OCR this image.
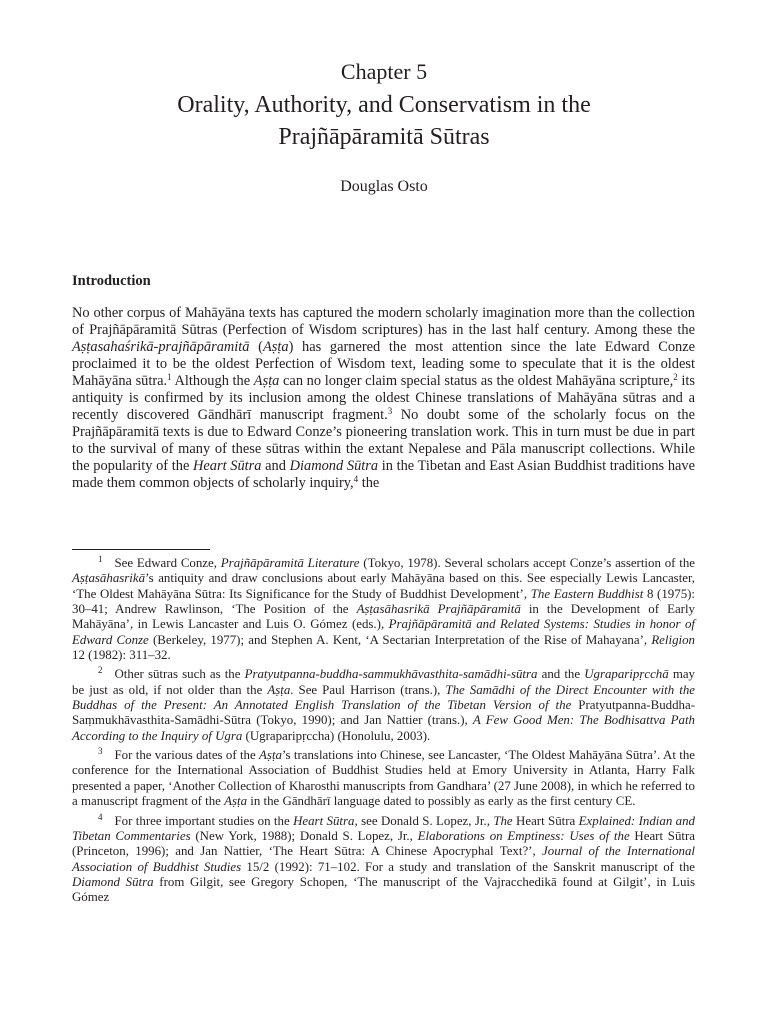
Chapter 5
Orality, Authority, and Conservatism in the
Prajñāpāramitā Sūtras
Douglas Osto
Introduction

No other corpus of Mahāyāna texts has captured the modern scholarly imagination more than the collection of Prajñāpāramitā Sūtras (Perfection of Wisdom scriptures) has in the last half century. Among these the Aṣṭasahaśrikā-prajñāpāramitā (Aṣṭa) has garnered the most attention since the late Edward Conze proclaimed it to be the oldest Perfection of Wisdom text, leading some to speculate that it is the oldest Mahāyāna sūtra.$^1$ Although the Aṣṭa can no longer claim special status as the oldest Mahāyāna scripture,$^2$ its antiquity is confirmed by its inclusion among the oldest Chinese translations of Mahāyāna sūtras and a recently discovered Gāndhārī manuscript fragment.$^3$ No doubt some of the scholarly focus on the Prajñāpāramitā texts is due to Edward Conze’s pioneering translation work. This in turn must be due in part to the survival of many of these sūtras within the extant Nepalese and Pāla manuscript collections. While the popularity of the Heart Sūtra and Diamond Sūtra in the Tibetan and East Asian Buddhist traditions have made them common objects of scholarly inquiry,$^4$ the

1 See Edward Conze, Prajñāpāramitā Literature (Tokyo, 1978). Several scholars accept Conze’s assertion of the Aṣṭasāhasrikā’s antiquity and draw conclusions about early Mahāyāna based on this. See especially Lewis Lancaster, ‘The Oldest Mahāyāna Sūtra: Its Significance for the Study of Buddhist Development’, The Eastern Buddhist 8 (1975): 30–41; Andrew Rawlinson, ‘The Position of the Aṣṭasāhasrikā Prajñāpāramitā in the Development of Early Mahāyāna’, in Lewis Lancaster and Luis O. Gómez (eds.), Prajñāpāramitā and Related Systems: Studies in honor of Edward Conze (Berkeley, 1977); and Stephen A. Kent, ‘A Sectarian Interpretation of the Rise of Mahayana’, Religion 12 (1982): 311–32.

2 Other sūtras such as the Pratyutpanna-buddha-sammukhāvasthita-samādhi-sūtra and the Ugraparipṛcchā may be just as old, if not older than the Aṣṭa. See Paul Harrison (trans.), The Samādhi of the Direct Encounter with the Buddhas of the Present: An Annotated English Translation of the Tibetan Version of the Pratyutpanna-Buddha-Saṃmukhāvasthita-Samādhi-Sūtra (Tokyo, 1990); and Jan Nattier (trans.), A Few Good Men: The Bodhisattva Path According to the Inquiry of Ugra (Ugraparipṛccha) (Honolulu, 2003).

3 For the various dates of the Aṣṭa’s translations into Chinese, see Lancaster, ‘The Oldest Mahāyāna Sūtra’. At the conference for the International Association of Buddhist Studies held at Emory University in Atlanta, Harry Falk presented a paper, ‘Another Collection of Kharosthi manuscripts from Gandhara’ (27 June 2008), in which he referred to a manuscript fragment of the Aṣṭa in the Gāndhārī language dated to possibly as early as the first century CE.

4 For three important studies on the Heart Sūtra, see Donald S. Lopez, Jr., The Heart Sūtra Explained: Indian and Tibetan Commentaries (New York, 1988); Donald S. Lopez, Jr., Elaborations on Emptiness: Uses of the Heart Sūtra (Princeton, 1996); and Jan Nattier, ‘The Heart Sūtra: A Chinese Apocryphal Text?’, Journal of the International Association of Buddhist Studies 15/2 (1992): 71–102. For a study and translation of the Sanskrit manuscript of the Diamond Sūtra from Gilgit, see Gregory Schopen, ‘The manuscript of the Vajracchedikā found at Gilgit’, in Luis Gómez
